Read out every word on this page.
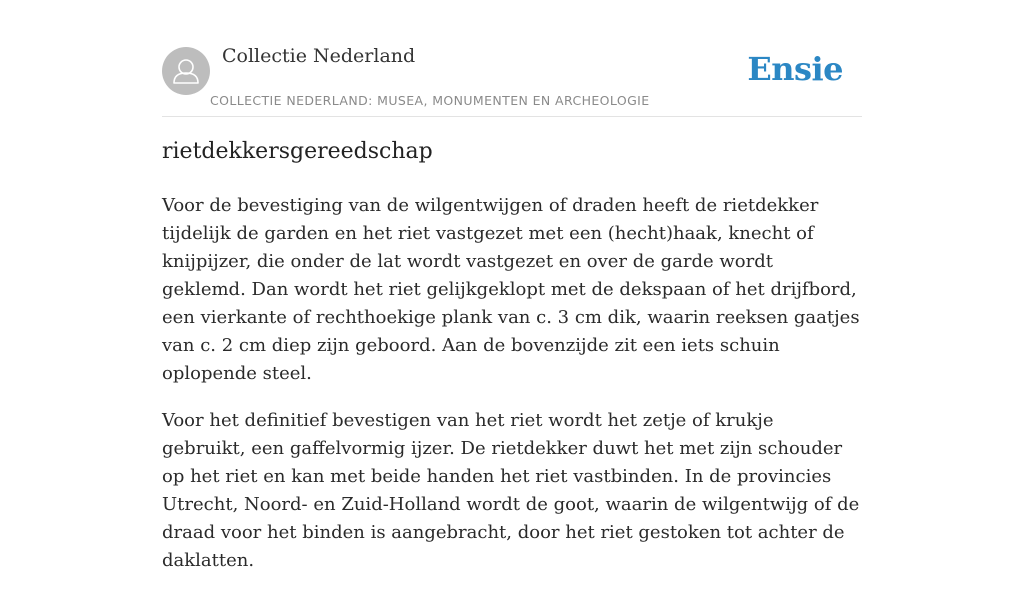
Collectie Nederland
COLLECTIE NEDERLAND: MUSEA, MONUMENTEN EN ARCHEOLOGIE
Ensie
rietdekkersgereedschap

Voor de bevestiging van de wilgentwijgen of draden heeft de rietdekker tijdelijk de garden en het riet vastgezet met een (hecht)haak, knecht of knijpijzer, die onder de lat wordt vastgezet en over de garde wordt geklemd. Dan wordt het riet gelijkgeklopt met de dekspaan of het drijfbord, een vierkante of rechthoekige plank van c. 3 cm dik, waarin reeksen gaatjes van c. 2 cm diep zijn geboord. Aan de bovenzijde zit een iets schuin oplopende steel.

Voor het definitief bevestigen van het riet wordt het zetje of krukje gebruikt, een gaffelvormig ijzer. De rietdekker duwt het met zijn schouder op het riet en kan met beide handen het riet vastbinden. In de provincies Utrecht, Noord- en Zuid-Holland wordt de goot, waarin de wilgentwijg of de draad voor het binden is aangebracht, door het riet gestoken tot achter de daklatten.
